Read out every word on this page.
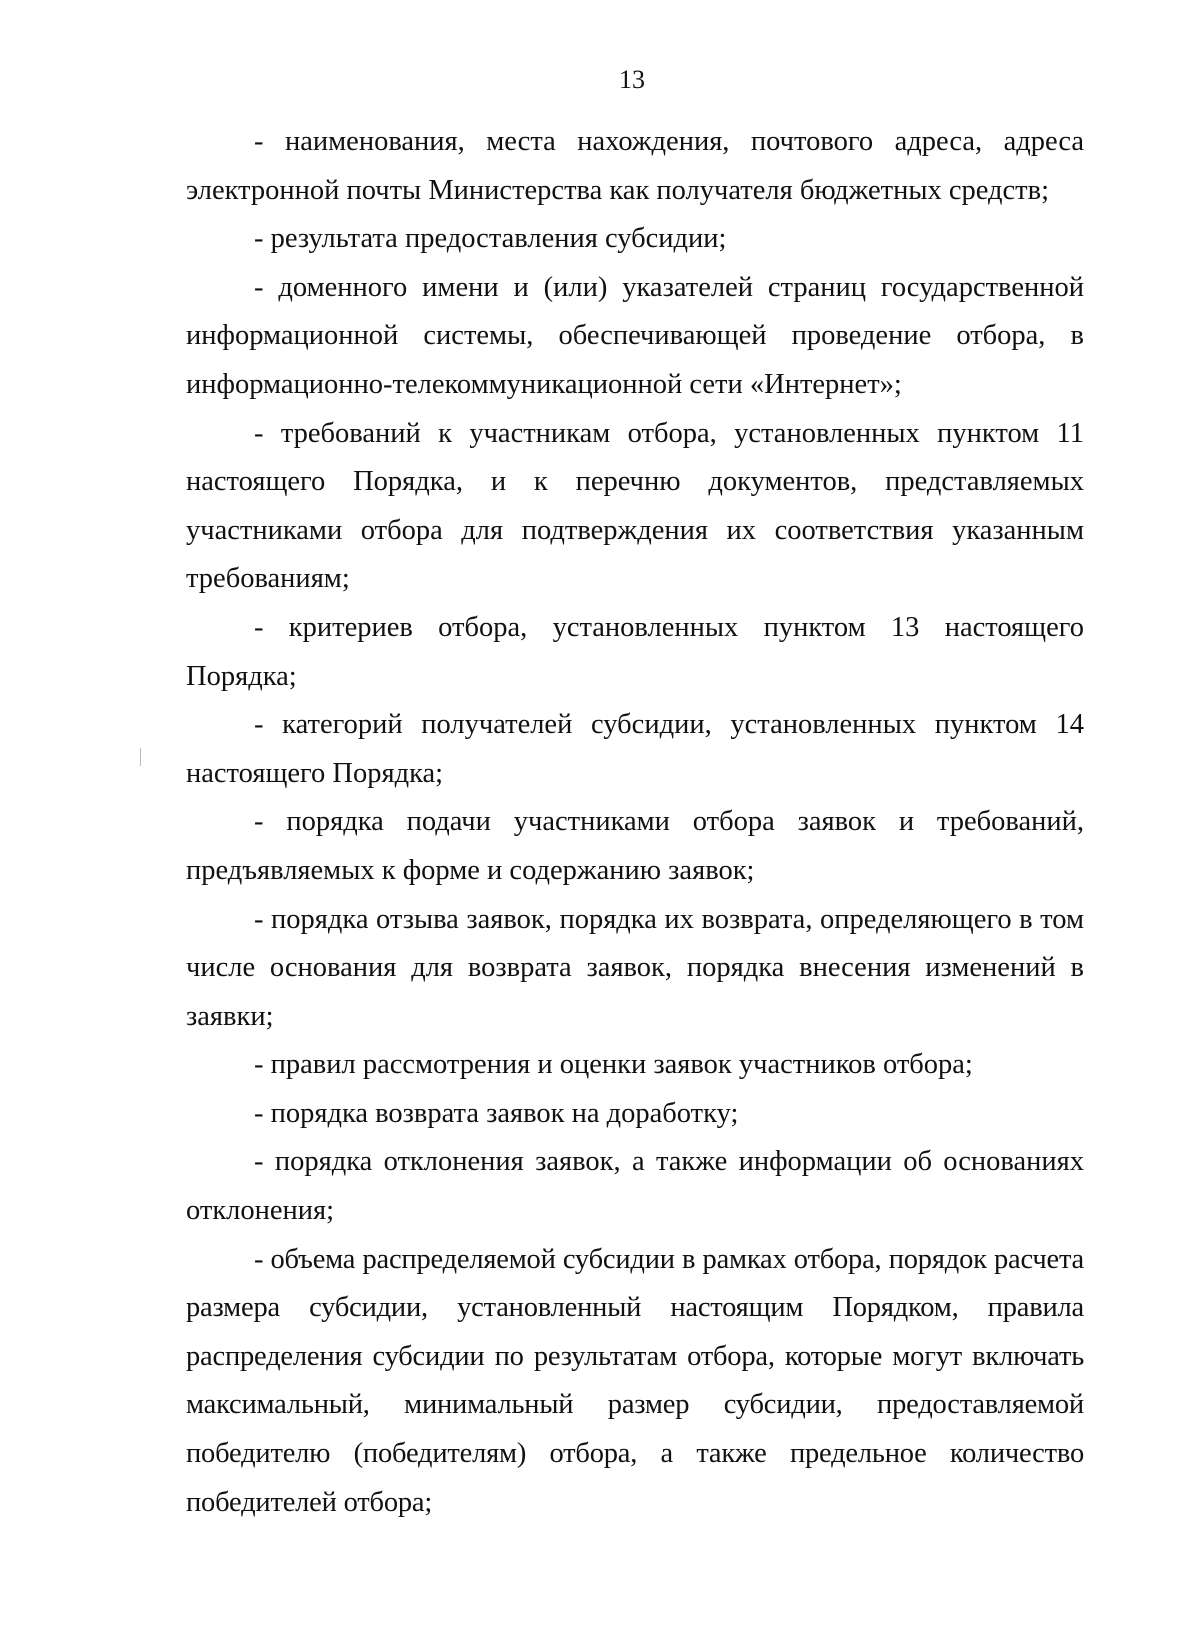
13

- наименования, места нахождения, почтового адреса, адреса электронной почты Министерства как получателя бюджетных средств;

- результата предоставления субсидии;

- доменного имени и (или) указателей страниц государственной информационной системы, обеспечивающей проведение отбора, в информационно-телекоммуникационной сети «Интернет»;

- требований к участникам отбора, установленных пунктом 11 настоящего Порядка, и к перечню документов, представляемых участниками отбора для подтверждения их соответствия указанным требованиям;

- критериев отбора, установленных пунктом 13 настоящего Порядка;

- категорий получателей субсидии, установленных пунктом 14 настоящего Порядка;

- порядка подачи участниками отбора заявок и требований, предъявляемых к форме и содержанию заявок;

- порядка отзыва заявок, порядка их возврата, определяющего в том числе основания для возврата заявок, порядка внесения изменений в заявки;

- правил рассмотрения и оценки заявок участников отбора;

- порядка возврата заявок на доработку;

- порядка отклонения заявок, а также информации об основаниях отклонения;

- объема распределяемой субсидии в рамках отбора, порядок расчета размера субсидии, установленный настоящим Порядком, правила распределения субсидии по результатам отбора, которые могут включать максимальный, минимальный размер субсидии, предоставляемой победителю (победителям) отбора, а также предельное количество победителей отбора;
